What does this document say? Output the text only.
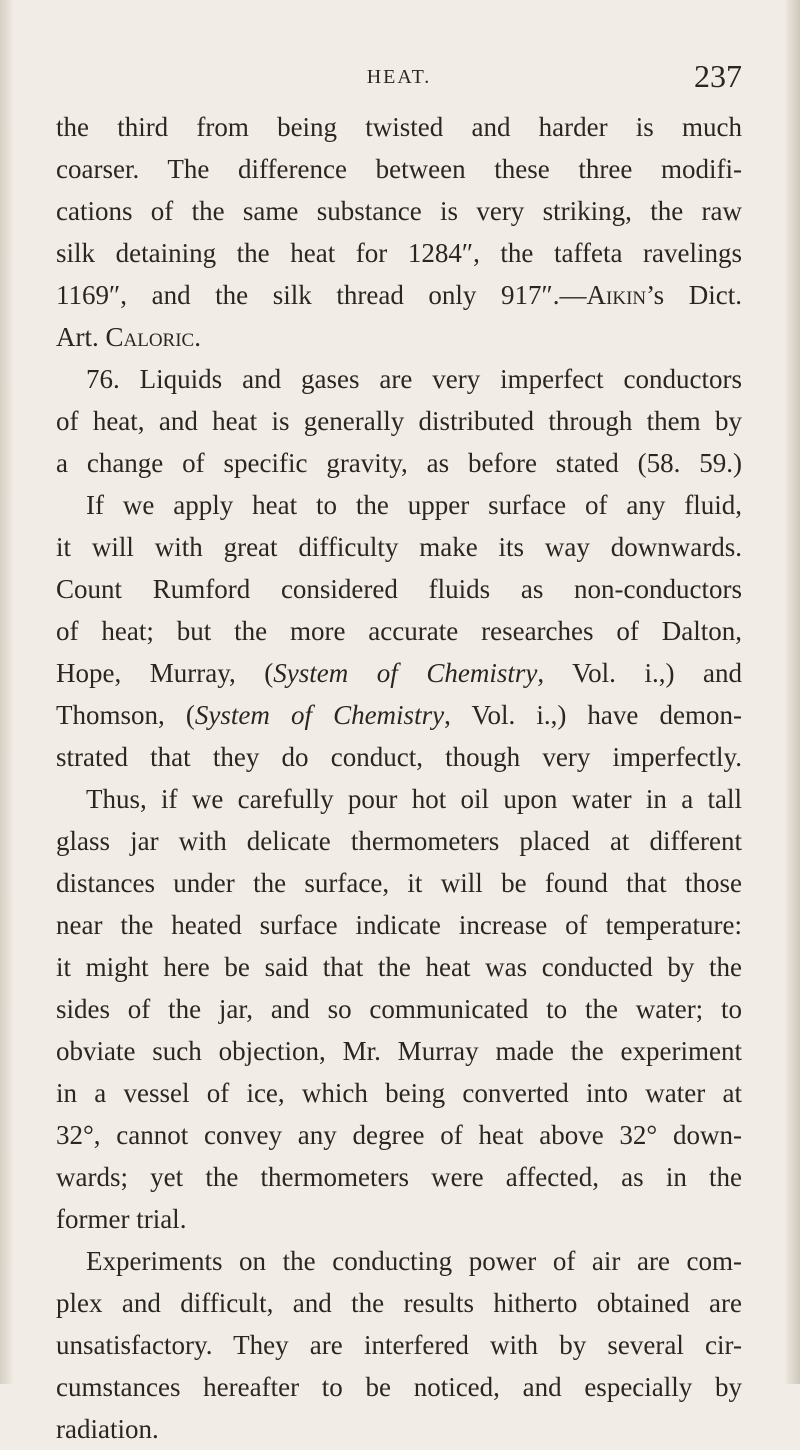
HEAT.	237
the third from being twisted and harder is much
coarser. The difference between these three modifi-
cations of the same substance is very striking, the raw
silk detaining the heat for 1284″, the taffeta ravelings
1169″, and the silk thread only 917″.—Aikin’s Dict.
Art. Caloric.
76. Liquids and gases are very imperfect conductors
of heat, and heat is generally distributed through them by
a change of specific gravity, as before stated (58. 59.)
If we apply heat to the upper surface of any fluid,
it will with great difficulty make its way downwards.
Count Rumford considered fluids as non-conductors
of heat; but the more accurate researches of Dalton,
Hope, Murray, (System of Chemistry, Vol. i.,) and
Thomson, (System of Chemistry, Vol. i.,) have demon-
strated that they do conduct, though very imperfectly.
Thus, if we carefully pour hot oil upon water in a tall
glass jar with delicate thermometers placed at different
distances under the surface, it will be found that those
near the heated surface indicate increase of temperature:
it might here be said that the heat was conducted by the
sides of the jar, and so communicated to the water; to
obviate such objection, Mr. Murray made the experiment
in a vessel of ice, which being converted into water at
32°, cannot convey any degree of heat above 32° down-
wards; yet the thermometers were affected, as in the
former trial.
Experiments on the conducting power of air are com-
plex and difficult, and the results hitherto obtained are
unsatisfactory. They are interfered with by several cir-
cumstances hereafter to be noticed, and especially by
radiation.
